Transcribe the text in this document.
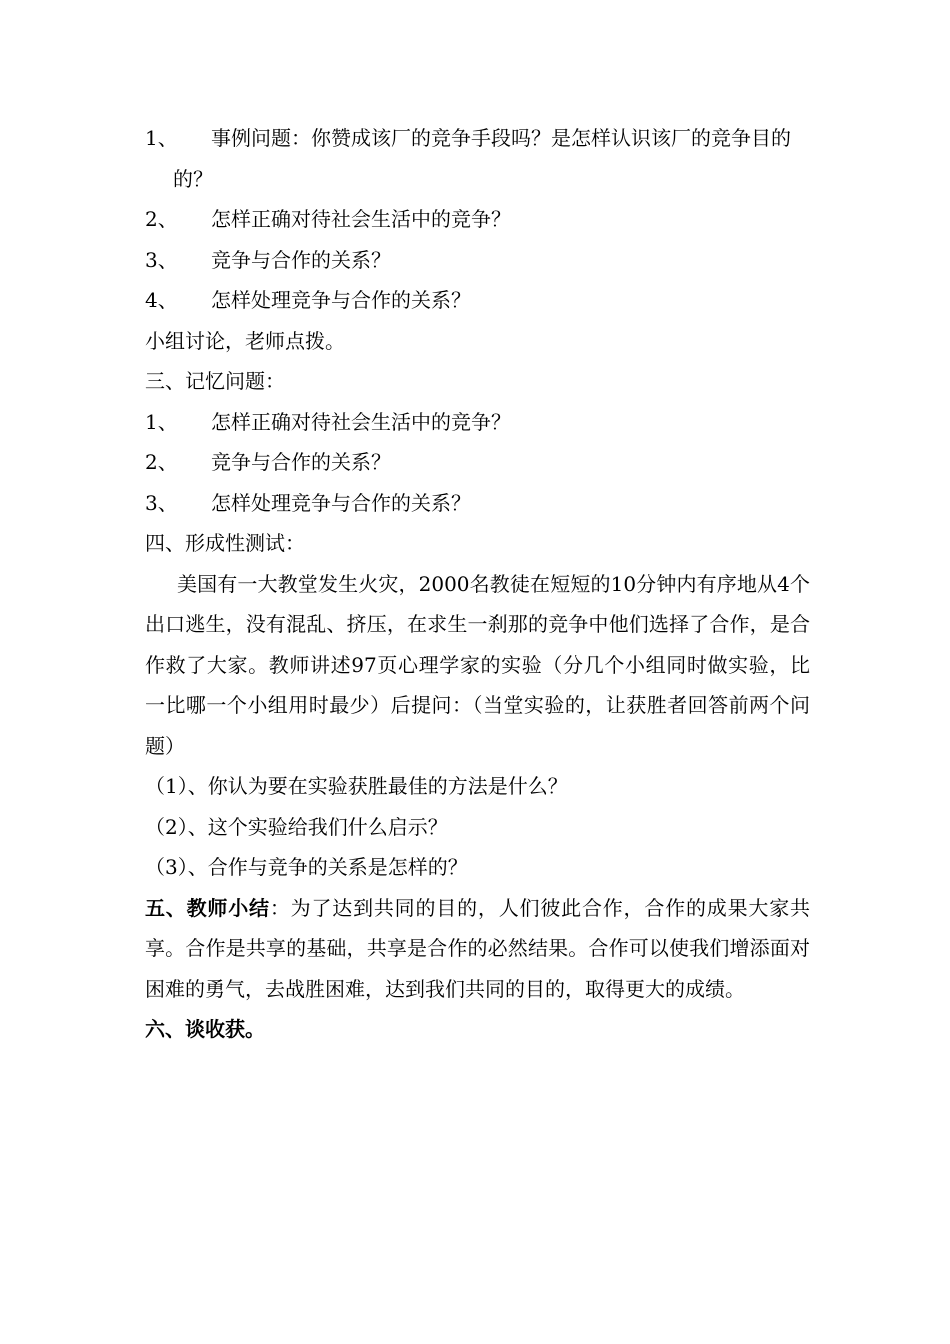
1、 事例问题：你赞成该厂的竞争手段吗？是怎样认识该厂的竞争目的的？
2、 怎样正确对待社会生活中的竞争？
3、 竞争与合作的关系？
4、 怎样处理竞争与合作的关系？
小组讨论，老师点拨。
三、记忆问题：
1、 怎样正确对待社会生活中的竞争？
2、 竞争与合作的关系？
3、 怎样处理竞争与合作的关系？
四、形成性测试：
美国有一大教堂发生火灾，2000名教徒在短短的10分钟内有序地从4个出口逃生，没有混乱、挤压，在求生一刹那的竞争中他们选择了合作，是合作救了大家。教师讲述97页心理学家的实验（分几个小组同时做实验，比一比哪一个小组用时最少）后提问：（当堂实验的，让获胜者回答前两个问题）
（1）、你认为要在实验获胜最佳的方法是什么？
（2）、这个实验给我们什么启示？
（3）、合作与竞争的关系是怎样的？
五、教师小结：为了达到共同的目的，人们彼此合作，合作的成果大家共享。合作是共享的基础，共享是合作的必然结果。合作可以使我们增添面对困难的勇气，去战胜困难，达到我们共同的目的，取得更大的成绩。
六、谈收获。
